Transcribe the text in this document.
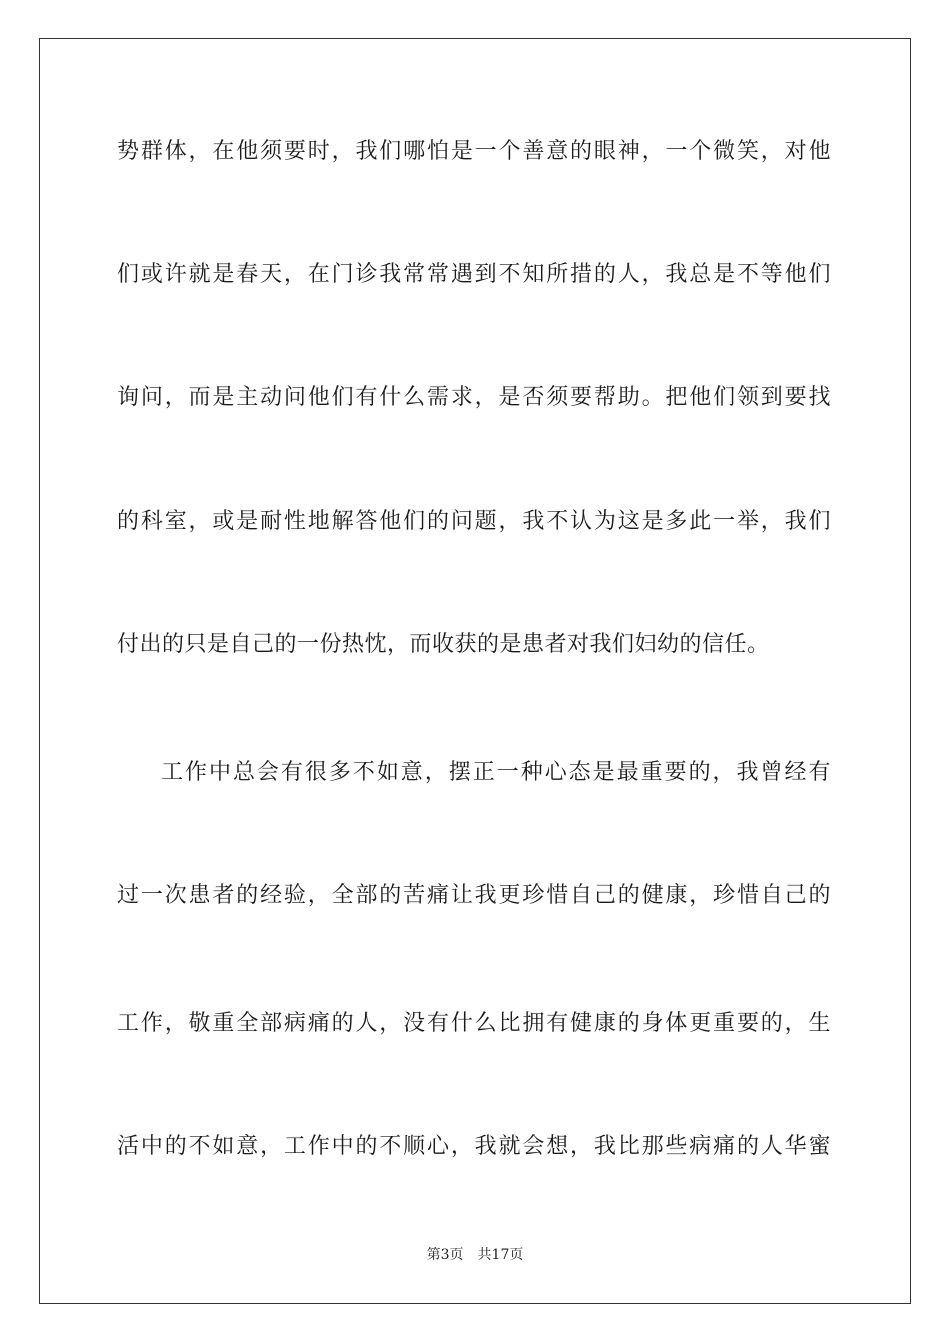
势群体，在他须要时，我们哪怕是一个善意的眼神，一个微笑，对他
们或许就是春天，在门诊我常常遇到不知所措的人，我总是不等他们
询问，而是主动问他们有什么需求，是否须要帮助。把他们领到要找
的科室，或是耐性地解答他们的问题，我不认为这是多此一举，我们
付出的只是自己的一份热忱，而收获的是患者对我们妇幼的信任。
工作中总会有很多不如意，摆正一种心态是最重要的，我曾经有
过一次患者的经验，全部的苦痛让我更珍惜自己的健康，珍惜自己的
工作，敬重全部病痛的人，没有什么比拥有健康的身体更重要的，生
活中的不如意，工作中的不顺心，我就会想，我比那些病痛的人华蜜
第3页 共17页
